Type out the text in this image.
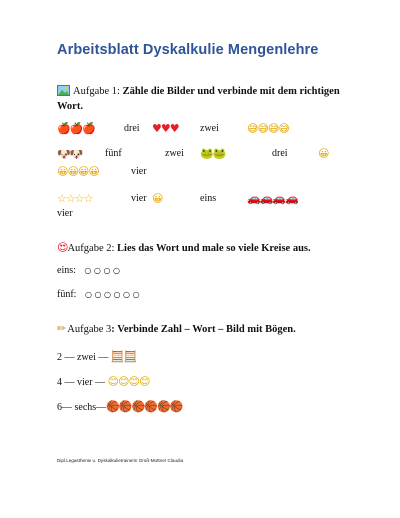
Arbeitsblatt Dyskalkulie Mengenlehre
Aufgabe 1: Zähle die Bilder und verbinde mit dem richtigen Wort.
🍎🍎🍎	drei ♥♥♥ zwei	😅😅😅😅
🐶🐶 fünf	zwei 🐸🐸	drei	😀
😀😀😀😀	vier
☆☆☆☆	vier 😀	eins	🚗🚗🚗🚗
vier
😍Aufgabe 2: Lies das Wort und male so viele Kreise aus.
eins: ○ ○ ○ ○
fünf: ○ ○ ○ ○ ○ ○
✏ Aufgabe 3: Verbinde Zahl – Wort – Bild mit Bögen.
2 — zwei — 🧮🧮
4 — vier — 😊😊😊😊
6— sechs—🏀🏀🏀🏀🏀🏀
Dipl.Legasthenie u. Dyskalkulietrainerin Groß-Mottner Claudia
